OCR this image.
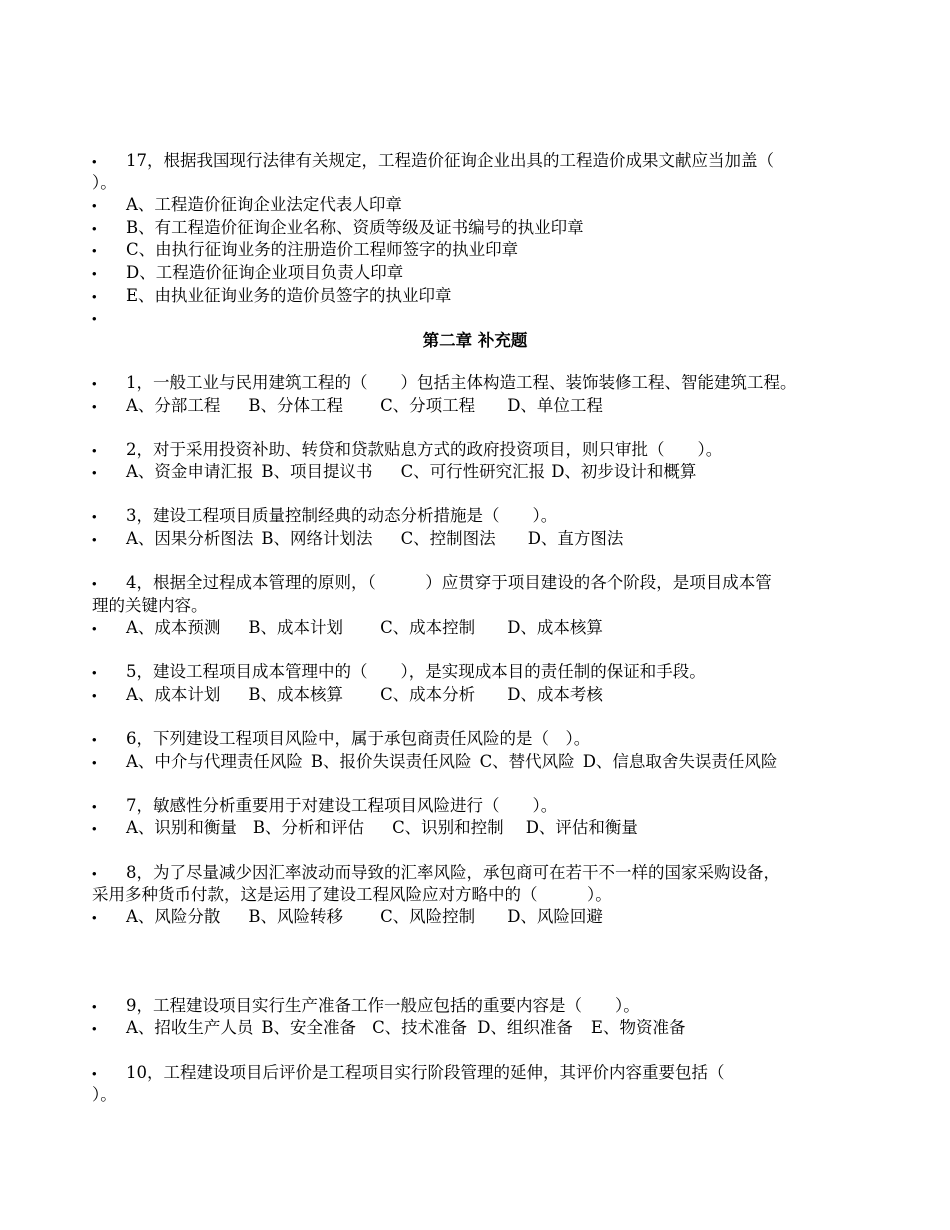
• 17，根据我国现行法律有关规定，工程造价征询企业出具的工程造价成果文献应当加盖（
）。
• A、工程造价征询企业法定代表人印章
• B、有工程造价征询企业名称、资质等级及证书编号的执业印章
• C、由执行征询业务的注册造价工程师签字的执业印章
• D、工程造价征询企业项目负责人印章
• E、由执业征询业务的造价员签字的执业印章
•
第二章 补充题
• 1，一般工业与民用建筑工程的（　　）包括主体构造工程、装饰装修工程、智能建筑工程。
• A、分部工程 B、分体工程 C、分项工程 D、单位工程
• 2，对于采用投资补助、转贷和贷款贴息方式的政府投资项目，则只审批（　　）。
• A、资金申请汇报 B、项目提议书 C、可行性研究汇报 D、初步设计和概算
• 3，建设工程项目质量控制经典的动态分析措施是（　　）。
• A、因果分析图法 B、网络计划法 C、控制图法 D、直方图法
• 4，根据全过程成本管理的原则，（　　　）应贯穿于项目建设的各个阶段，是项目成本管
理的关键内容。
• A、成本预测 B、成本计划 C、成本控制 D、成本核算
• 5，建设工程项目成本管理中的（　　），是实现成本目的责任制的保证和手段。
• A、成本计划 B、成本核算 C、成本分析 D、成本考核
• 6，下列建设工程项目风险中，属于承包商责任风险的是（　）。
• A、中介与代理责任风险 B、报价失误责任风险 C、替代风险 D、信息取舍失误责任风险
• 7，敏感性分析重要用于对建设工程项目风险进行（　　）。
• A、识别和衡量 B、分析和评估 C、识别和控制 D、评估和衡量
• 8，为了尽量减少因汇率波动而导致的汇率风险，承包商可在若干不一样的国家采购设备，
采用多种货币付款，这是运用了建设工程风险应对方略中的（　　　）。
• A、风险分散 B、风险转移 C、风险控制 D、风险回避
• 9，工程建设项目实行生产准备工作一般应包括的重要内容是（　　）。
• A、招收生产人员 B、安全准备 C、技术准备 D、组织准备 E、物资准备
• 10，工程建设项目后评价是工程项目实行阶段管理的延伸，其评价内容重要包括（
）。
